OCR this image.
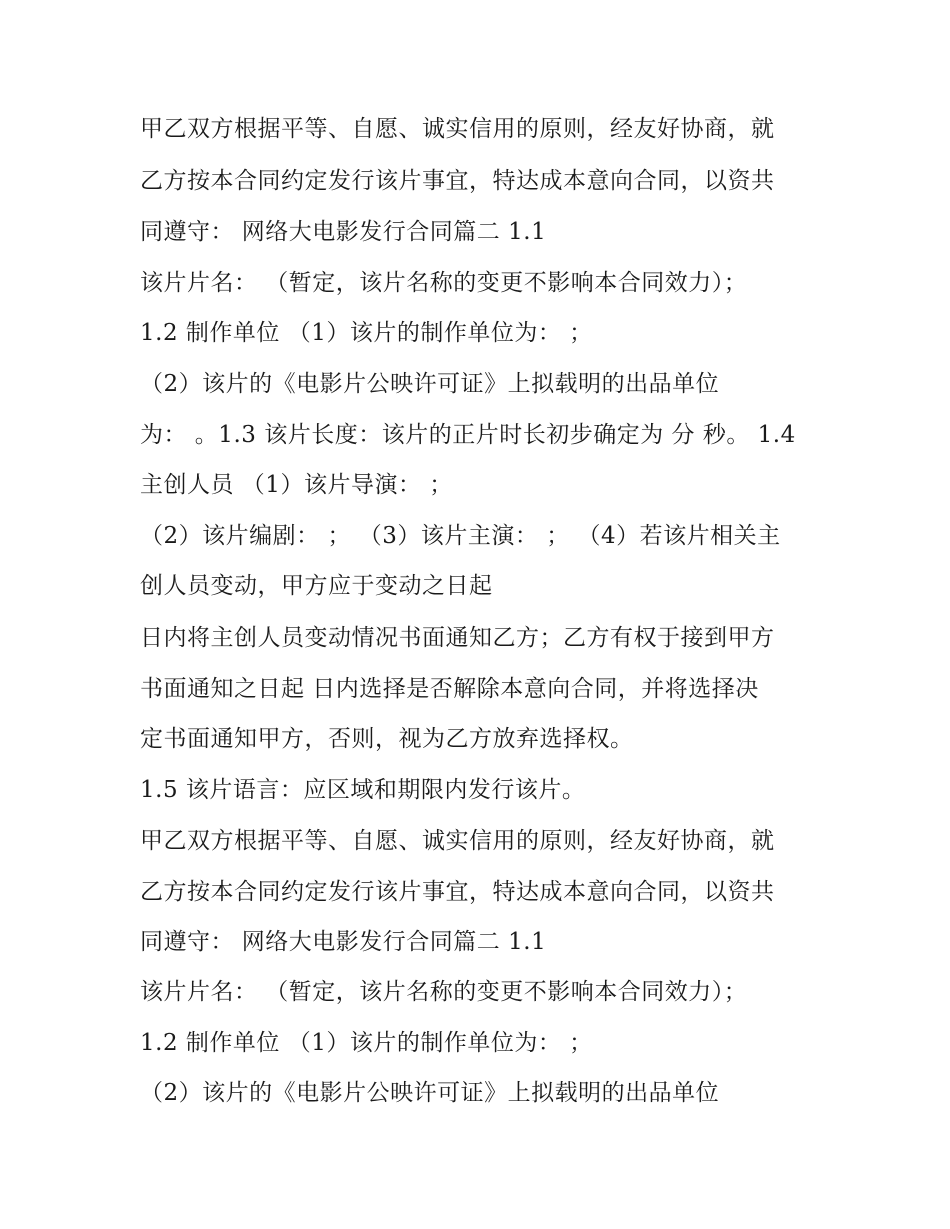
甲乙双方根据平等、自愿、诚实信用的原则，经友好协商，就
乙方按本合同约定发行该片事宜，特达成本意向合同，以资共
同遵守： 网络大电影发行合同篇二 1.1
该片片名： （暂定，该片名称的变更不影响本合同效力）；
1.2 制作单位 （1）该片的制作单位为： ；
（2）该片的《电影片公映许可证》上拟载明的出品单位
为： 。1.3 该片长度：该片的正片时长初步确定为 分 秒。 1.4
主创人员 （1）该片导演： ；
（2）该片编剧： ； （3）该片主演： ； （4）若该片相关主
创人员变动，甲方应于变动之日起
日内将主创人员变动情况书面通知乙方；乙方有权于接到甲方
书面通知之日起 日内选择是否解除本意向合同，并将选择决
定书面通知甲方，否则，视为乙方放弃选择权。
1.5 该片语言：应区域和期限内发行该片。
甲乙双方根据平等、自愿、诚实信用的原则，经友好协商，就
乙方按本合同约定发行该片事宜，特达成本意向合同，以资共
同遵守： 网络大电影发行合同篇二 1.1
该片片名： （暂定，该片名称的变更不影响本合同效力）；
1.2 制作单位 （1）该片的制作单位为： ；
（2）该片的《电影片公映许可证》上拟载明的出品单位
